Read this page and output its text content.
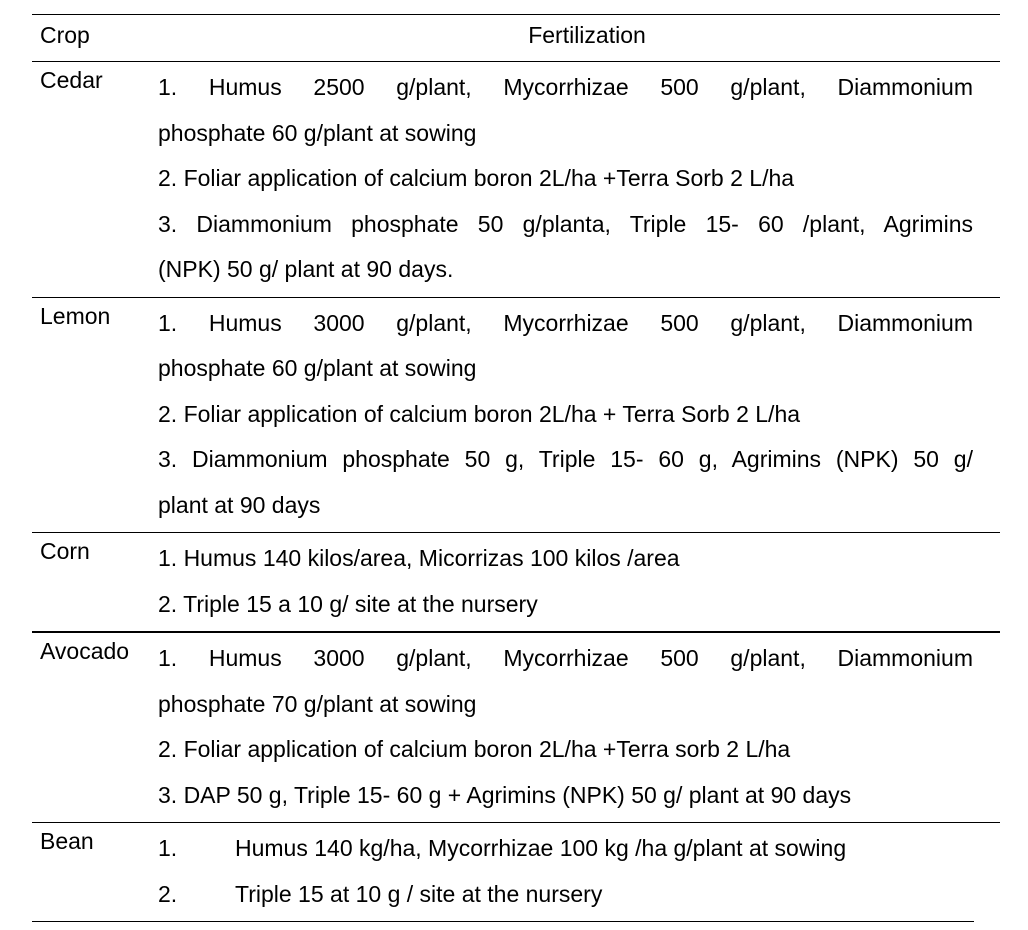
Crop	Fertilization
Cedar 1. Humus 2500 g/plant, Mycorrhizae 500 g/plant, Diammonium
phosphate 60 g/plant at sowing
2. Foliar application of calcium boron 2L/ha +Terra Sorb 2 L/ha
3. Diammonium phosphate 50 g/planta, Triple 15- 60 /plant, Agrimins
(NPK) 50 g/ plant at 90 days.
Lemon 1. Humus 3000 g/plant, Mycorrhizae 500 g/plant, Diammonium
phosphate 60 g/plant at sowing
2. Foliar application of calcium boron 2L/ha + Terra Sorb 2 L/ha
3. Diammonium phosphate 50 g, Triple 15- 60 g, Agrimins (NPK) 50 g/
plant at 90 days
Corn	1. Humus 140 kilos/area, Micorrizas 100 kilos /area
2. Triple 15 a 10 g/ site at the nursery
Avocado 1. Humus 3000 g/plant, Mycorrhizae 500 g/plant, Diammonium
phosphate 70 g/plant at sowing
2. Foliar application of calcium boron 2L/ha +Terra sorb 2 L/ha
3. DAP 50 g, Triple 15- 60 g + Agrimins (NPK) 50 g/ plant at 90 days
Bean	1.	Humus 140 kg/ha, Mycorrhizae 100 kg /ha g/plant at sowing
2.	Triple 15 at 10 g / site at the nursery
